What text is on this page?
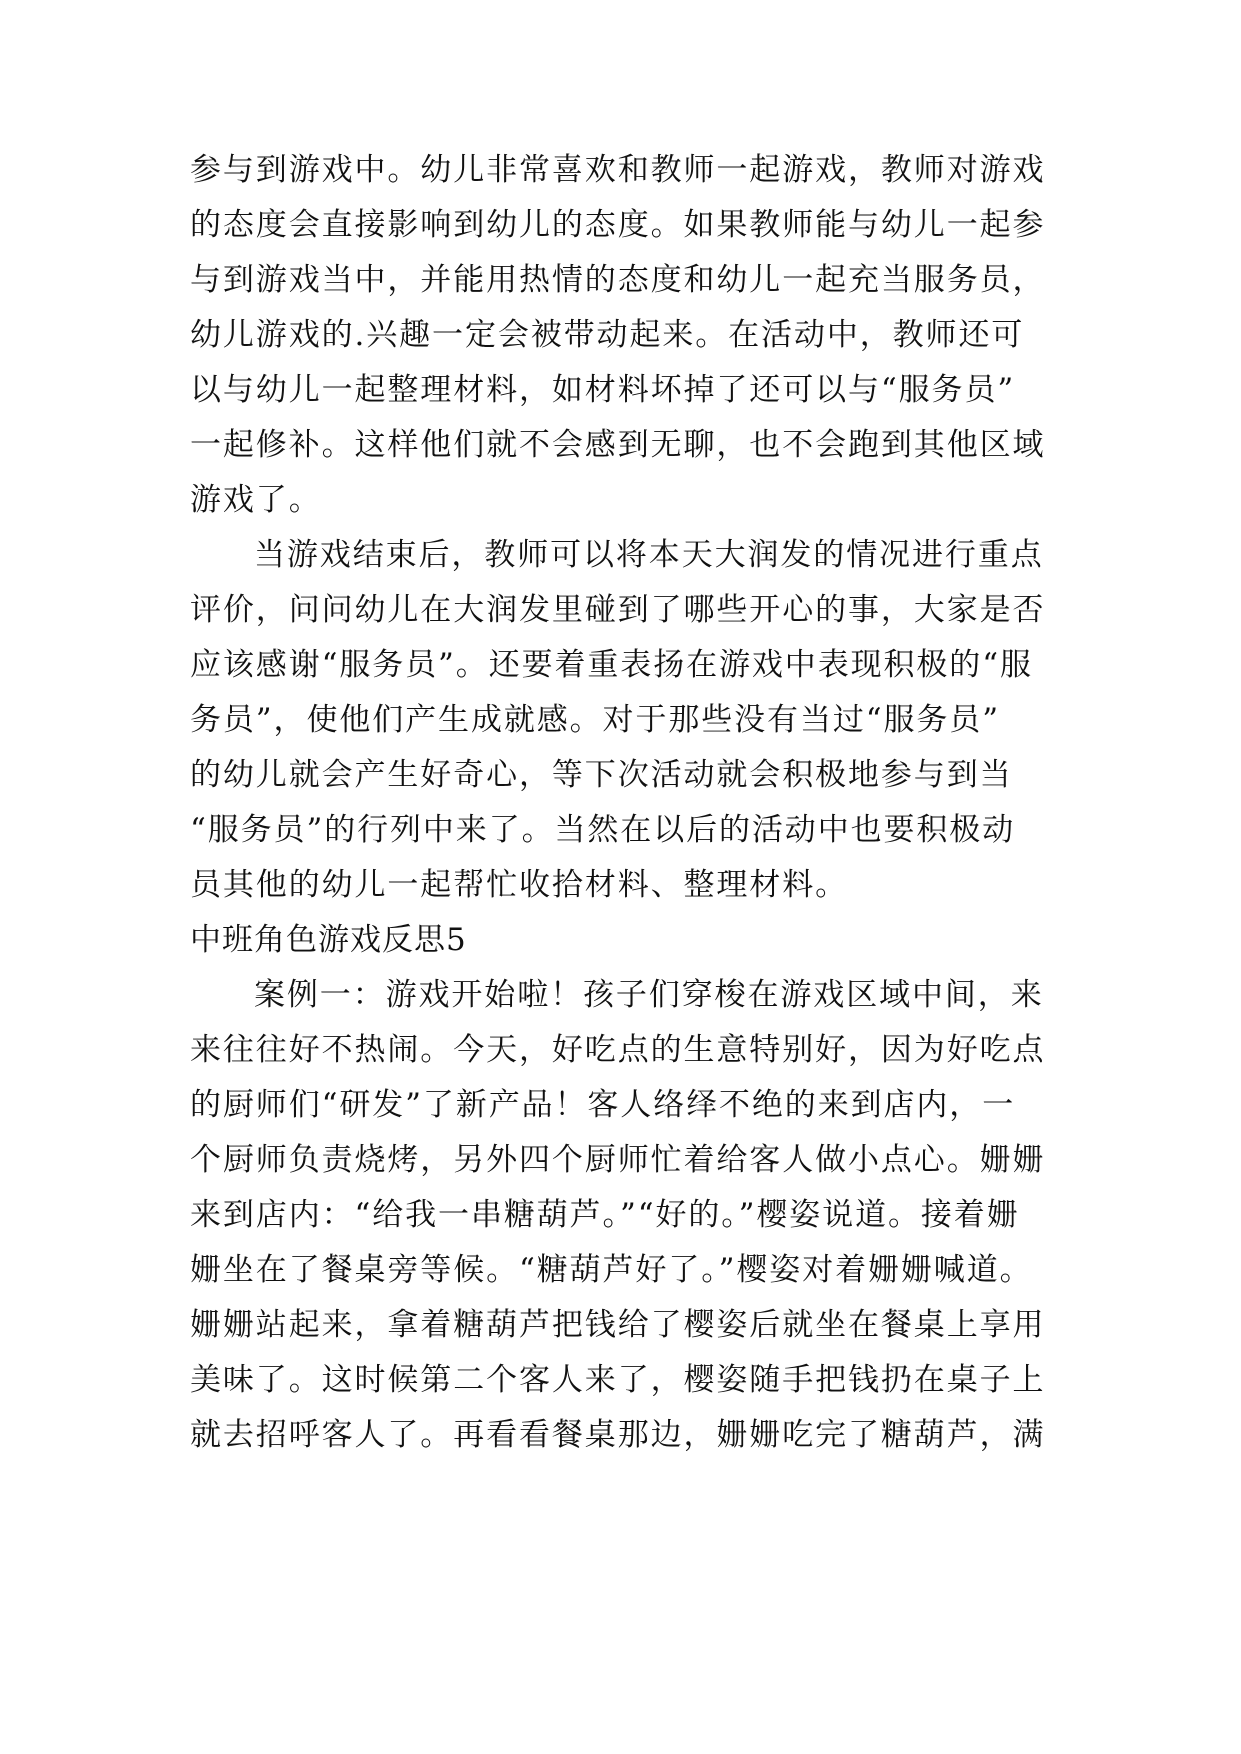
参与到游戏中。幼儿非常喜欢和教师一起游戏，教师对游戏
的态度会直接影响到幼儿的态度。如果教师能与幼儿一起参
与到游戏当中，并能用热情的态度和幼儿一起充当服务员，
幼儿游戏的.兴趣一定会被带动起来。在活动中，教师还可
以与幼儿一起整理材料，如材料坏掉了还可以与“服务员”
一起修补。这样他们就不会感到无聊，也不会跑到其他区域
游戏了。
当游戏结束后，教师可以将本天大润发的情况进行重点
评价，问问幼儿在大润发里碰到了哪些开心的事，大家是否
应该感谢“服务员”。还要着重表扬在游戏中表现积极的“服
务员”，使他们产生成就感。对于那些没有当过“服务员”
的幼儿就会产生好奇心，等下次活动就会积极地参与到当
“服务员”的行列中来了。当然在以后的活动中也要积极动
员其他的幼儿一起帮忙收拾材料、整理材料。
中班角色游戏反思5
案例一：游戏开始啦！孩子们穿梭在游戏区域中间，来
来往往好不热闹。今天，好吃点的生意特别好，因为好吃点
的厨师们“研发”了新产品！客人络绎不绝的来到店内，一
个厨师负责烧烤，另外四个厨师忙着给客人做小点心。姗姗
来到店内：“给我一串糖葫芦。”“好的。”樱姿说道。接着姗
姗坐在了餐桌旁等候。“糖葫芦好了。”樱姿对着姗姗喊道。
姗姗站起来，拿着糖葫芦把钱给了樱姿后就坐在餐桌上享用
美味了。这时候第二个客人来了，樱姿随手把钱扔在桌子上
就去招呼客人了。再看看餐桌那边，姗姗吃完了糖葫芦，满
